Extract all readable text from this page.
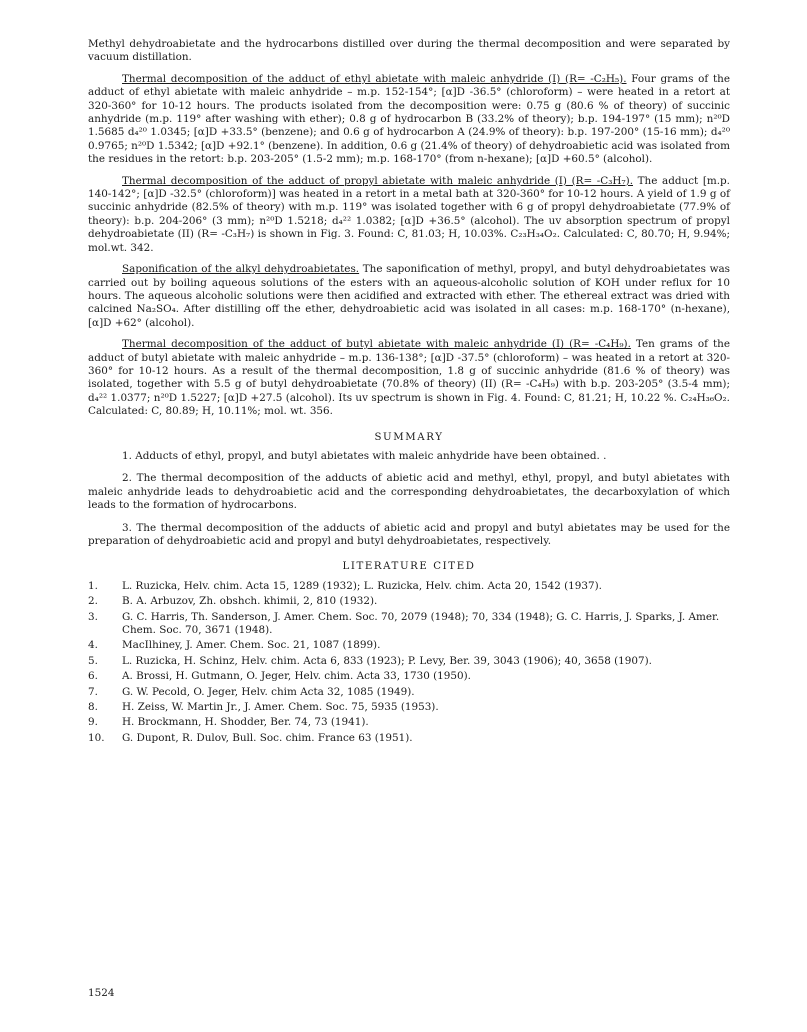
Methyl dehydroabietate and the hydrocarbons distilled over during the thermal decomposition and were separated by vacuum distillation.

Thermal decomposition of the adduct of ethyl abietate with maleic anhydride (I) (R= -C₂H₅). Four grams of the adduct of ethyl abietate with maleic anhydride – m.p. 152-154°; [α]D -36.5° (chloroform) – were heated in a retort at 320-360° for 10-12 hours. The products isolated from the decomposition were: 0.75 g (80.6 % of theory) of succinic anhydride (m.p. 119° after washing with ether); 0.8 g of hydrocarbon B (33.2% of theory); b.p. 194-197° (15 mm); n²⁰D 1.5685 d₄²⁰ 1.0345; [α]D +33.5° (benzene); and 0.6 g of hydrocarbon A (24.9% of theory): b.p. 197-200° (15-16 mm); d₄²⁰ 0.9765; n²⁰D 1.5342; [α]D +92.1° (benzene). In addition, 0.6 g (21.4% of theory) of dehydroabietic acid was isolated from the residues in the retort: b.p. 203-205° (1.5-2 mm); m.p. 168-170° (from n-hexane); [α]D +60.5° (alcohol).

Thermal decomposition of the adduct of propyl abietate with maleic anhydride (I) (R= -C₃H₇). The adduct [m.p. 140-142°; [α]D -32.5° (chloroform)] was heated in a retort in a metal bath at 320-360° for 10-12 hours. A yield of 1.9 g of succinic anhydride (82.5% of theory) with m.p. 119° was isolated together with 6 g of propyl dehydroabietate (77.9% of theory): b.p. 204-206° (3 mm); n²⁰D 1.5218; d₄²² 1.0382; [α]D +36.5° (alcohol). The uv absorption spectrum of propyl dehydroabietate (II) (R= -C₃H₇) is shown in Fig. 3. Found: C, 81.03; H, 10.03%. C₂₃H₃₄O₂. Calculated: C, 80.70; H, 9.94%; mol.wt. 342.

Saponification of the alkyl dehydroabietates. The saponification of methyl, propyl, and butyl dehydroabietates was carried out by boiling aqueous solutions of the esters with an aqueous-alcoholic solution of KOH under reflux for 10 hours. The aqueous alcoholic solutions were then acidified and extracted with ether. The ethereal extract was dried with calcined Na₂SO₄. After distilling off the ether, dehydroabietic acid was isolated in all cases: m.p. 168-170° (n-hexane), [α]D +62° (alcohol).

Thermal decomposition of the adduct of butyl abietate with maleic anhydride (I) (R= -C₄H₉). Ten grams of the adduct of butyl abietate with maleic anhydride – m.p. 136-138°; [α]D -37.5° (chloroform) – was heated in a retort at 320-360° for 10-12 hours. As a result of the thermal decomposition, 1.8 g of succinic anhydride (81.6 % of theory) was isolated, together with 5.5 g of butyl dehydroabietate (70.8% of theory) (II) (R= -C₄H₉) with b.p. 203-205° (3.5-4 mm); d₄²² 1.0377; n²⁰D 1.5227; [α]D +27.5 (alcohol). Its uv spectrum is shown in Fig. 4. Found: C, 81.21; H, 10.22 %. C₂₄H₃₆O₂. Calculated: C, 80.89; H, 10.11%; mol. wt. 356.

SUMMARY

1. Adducts of ethyl, propyl, and butyl abietates with maleic anhydride have been obtained. .

2. The thermal decomposition of the adducts of abietic acid and methyl, ethyl, propyl, and butyl abietates with maleic anhydride leads to dehydroabietic acid and the corresponding dehydroabietates, the decarboxylation of which leads to the formation of hydrocarbons.

3. The thermal decomposition of the adducts of abietic acid and propyl and butyl abietates may be used for the preparation of dehydroabietic acid and propyl and butyl dehydroabietates, respectively.

LITERATURE CITED
1.	L. Ruzicka, Helv. chim. Acta 15, 1289 (1932); L. Ruzicka, Helv. chim. Acta 20, 1542 (1937).
2.	B. A. Arbuzov, Zh. obshch. khimii, 2, 810 (1932).
3.	G. C. Harris, Th. Sanderson, J. Amer. Chem. Soc. 70, 2079 (1948); 70, 334 (1948); G. C. Harris, J. Sparks, J. Amer. Chem. Soc. 70, 3671 (1948).
4.	MacIlhiney, J. Amer. Chem. Soc. 21, 1087 (1899).
5.	L. Ruzicka, H. Schinz, Helv. chim. Acta 6, 833 (1923); P. Levy, Ber. 39, 3043 (1906); 40, 3658 (1907).
6.	A. Brossi, H. Gutmann, O. Jeger, Helv. chim. Acta 33, 1730 (1950).
7.	G. W. Pecold, O. Jeger, Helv. chim Acta 32, 1085 (1949).
8.	H. Zeiss, W. Martin Jr., J. Amer. Chem. Soc. 75, 5935 (1953).
9.	H. Brockmann, H. Shodder, Ber. 74, 73 (1941).
10.	G. Dupont, R. Dulov, Bull. Soc. chim. France 63 (1951).
1524
